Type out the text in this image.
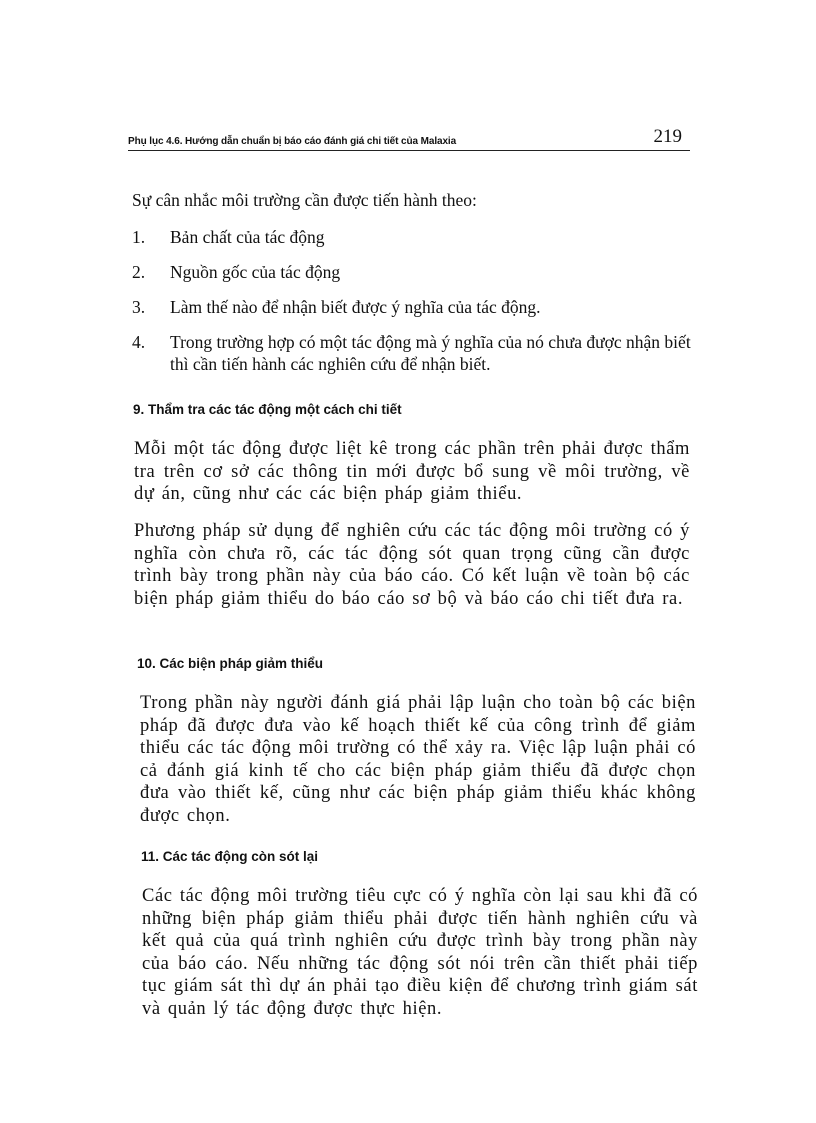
Phụ lục 4.6. Hướng dẫn chuẩn bị báo cáo đánh giá chi tiết của Malaxia	219

Sự cân nhắc môi trường cần được tiến hành theo:

1.	Bản chất của tác động
2.	Nguồn gốc của tác động
3.	Làm thế nào để nhận biết được ý nghĩa của tác động.
4.	Trong trường hợp có một tác động mà ý nghĩa của nó chưa được nhận biết thì cần tiến hành các nghiên cứu để nhận biết.
9. Thẩm tra các tác động một cách chi tiết

Mỗi một tác động được liệt kê trong các phần trên phải được thẩm tra trên cơ sở các thông tin mới được bổ sung về môi trường, về dự án, cũng như các các biện pháp giảm thiểu.

Phương pháp sử dụng để nghiên cứu các tác động môi trường có ý nghĩa còn chưa rõ, các tác động sót quan trọng cũng cần được trình bày trong phần này của báo cáo. Có kết luận về toàn bộ các biện pháp giảm thiểu do báo cáo sơ bộ và báo cáo chi tiết đưa ra.

10. Các biện pháp giảm thiểu

Trong phần này người đánh giá phải lập luận cho toàn bộ các biện pháp đã được đưa vào kế hoạch thiết kế của công trình để giảm thiểu các tác động môi trường có thể xảy ra. Việc lập luận phải có cả đánh giá kinh tế cho các biện pháp giảm thiểu đã được chọn đưa vào thiết kế, cũng như các biện pháp giảm thiểu khác không được chọn.

11. Các tác động còn sót lại

Các tác động môi trường tiêu cực có ý nghĩa còn lại sau khi đã có những biện pháp giảm thiểu phải được tiến hành nghiên cứu và kết quả của quá trình nghiên cứu được trình bày trong phần này của báo cáo. Nếu những tác động sót nói trên cần thiết phải tiếp tục giám sát thì dự án phải tạo điều kiện để chương trình giám sát và quản lý tác động được thực hiện.
